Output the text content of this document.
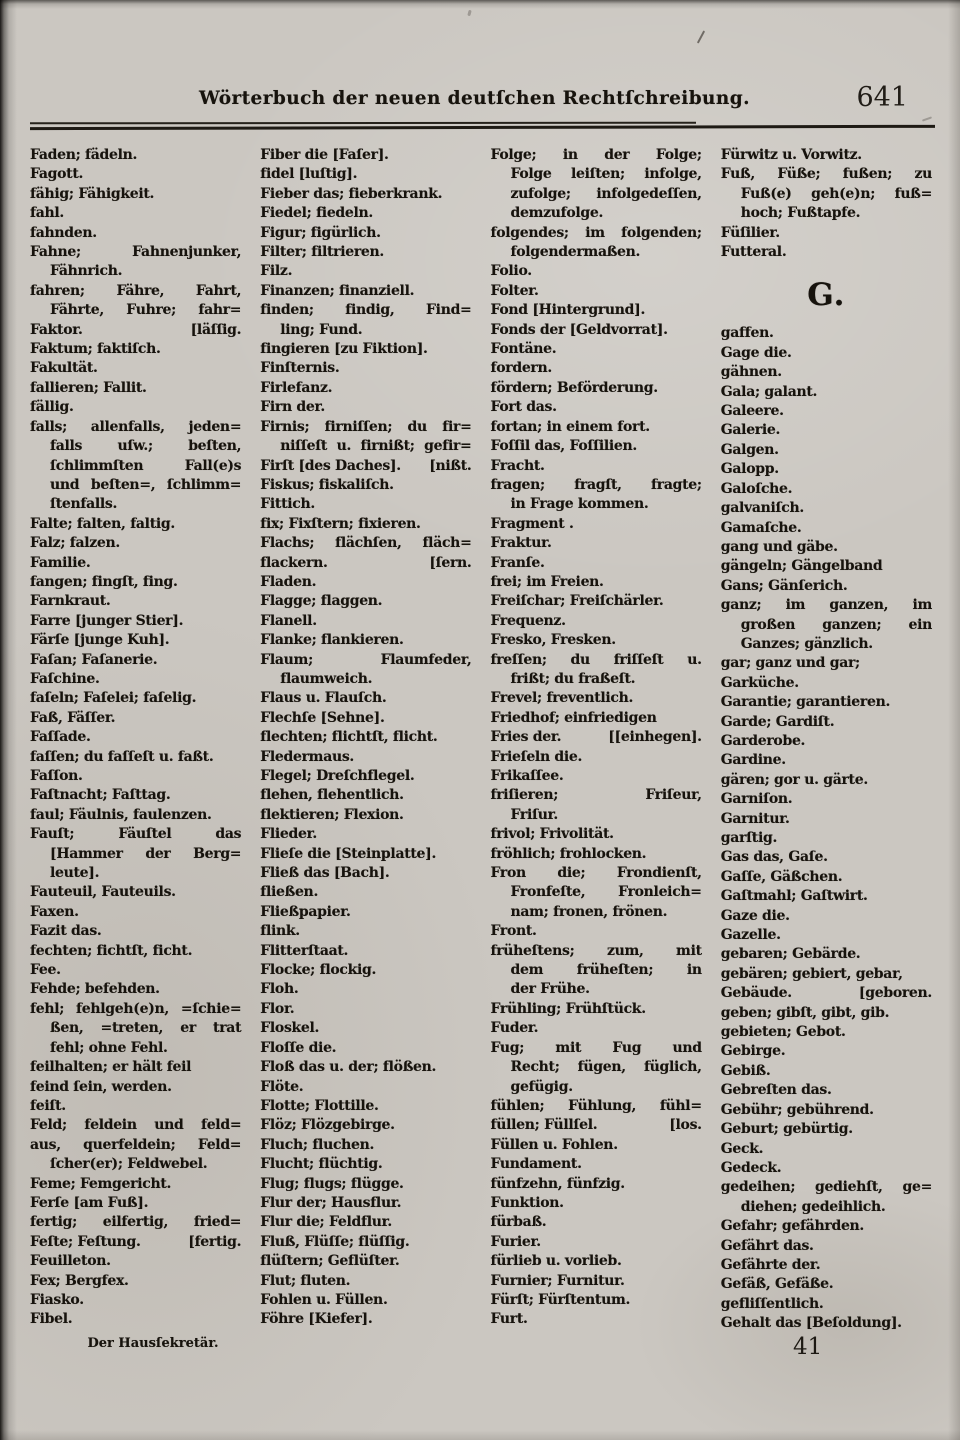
Wörterbuch der neuen deutſchen Rechtſchreibung.	641
Faden; fädeln.
Fagott.
fähig; Fähigkeit.
fahl.
fahnden.
Fahne; Fahnenjunker,
Fähnrich.
fahren; Fähre, Fahrt,
Fährte, Fuhre; fahr=
Faktor.	[läſſig.
Faktum; faktiſch.
Fakultät.
fallieren; Fallit.
fällig.
falls; allenfalls, jeden=
falls uſw.; beſten,
ſchlimmſten Fall(e)s
und beſten=, ſchlimm=
ſtenfalls.
Falte; falten, faltig.
Falz; falzen.
Familie.
fangen; fingſt, fing.
Farnkraut.
Farre [junger Stier].
Färſe [junge Kuh].
Faſan; Faſanerie.
Faſchine.
faſeln; Faſelei; faſelig.
Faß, Fäſſer.
Faſſade.
faſſen; du faſſeſt u. faßt.
Faſſon.
Faſtnacht; Faſttag.
faul; Fäulnis, faulenzen.
Fauſt; Fäuſtel das
[Hammer der Berg=
leute].
Fauteuil, Fauteuils.
Faxen.
Fazit das.
fechten; fichtſt, ficht.
Fee.
Fehde; befehden.
fehl; fehlgeh(e)n, =ſchie=
ßen, =treten, er trat
fehl; ohne Fehl.
feilhalten; er hält feil
feind ſein, werden.
feiſt.
Feld; feldein und feld=
aus, querfeldein; Feld=
ſcher(er); Feldwebel.
Feme; Femgericht.
Ferſe [am Fuß].
fertig; eilfertig, fried=
Feſte; Feſtung.	[fertig.
Feuilleton.
Fex; Bergfex.
Fiasko.
Fibel.
Fiber die [Faſer].
fidel [luſtig].
Fieber das; fieberkrank.
Fiedel; fiedeln.
Figur; figürlich.
Filter; filtrieren.
Filz.
Finanzen; finanziell.
finden; findig, Find=
ling; Fund.
fingieren [zu Fiktion].
Finſternis.
Firlefanz.
Firn der.
Firnis; firniſſen; du fir=
niſſeſt u. firnißt; gefir=
Firſt [des Daches]. [nißt.
Fiskus; fiskaliſch.
Fittich.
fix; Fixſtern; fixieren.
Flachs; flächſen, fläch=
flackern.	[ſern.
Fladen.
Flagge; flaggen.
Flanell.
Flanke; flankieren.
Flaum; Flaumfeder,
flaumweich.
Flaus u. Flauſch.
Flechſe [Sehne].
flechten; flichtſt, flicht.
Fledermaus.
Flegel; Dreſchflegel.
flehen, flehentlich.
flektieren; Flexion.
Flieder.
Flieſe die [Steinplatte].
Fließ das [Bach].
fließen.
Fließpapier.
flink.
Flitterſtaat.
Flocke; flockig.
Floh.
Flor.
Floskel.
Floſſe die.
Floß das u. der; flößen.
Flöte.
Flotte; Flottille.
Flöz; Flözgebirge.
Fluch; fluchen.
Flucht; flüchtig.
Flug; flugs; flügge.
Flur der; Hausflur.
Flur die; Feldflur.
Fluß, Flüſſe; flüſſig.
flüſtern; Geflüſter.
Flut; fluten.
Fohlen u. Füllen.
Föhre [Kiefer].
Folge; in der Folge;
Folge leiſten; infolge,
zufolge; infolgedeſſen,
demzufolge.
folgendes; im folgenden;
folgendermaßen.
Folio.
Folter.
Fond [Hintergrund].
Fonds der [Geldvorrat].
Fontäne.
fordern.
fördern; Beförderung.
Fort das.
fortan; in einem fort.
Foſſil das, Foſſilien.
Fracht.
fragen; fragſt, fragte;
in Frage kommen.
Fragment .
Fraktur.
Franſe.
frei; im Freien.
Freiſchar; Freiſchärler.
Frequenz.
Fresko, Fresken.
freſſen; du friſſeſt u.
frißt; du fraßeſt.
Frevel; freventlich.
Friedhof; einfriedigen
Fries der.	[[einhegen].
Frieſeln die.
Frikaſſee.
friſieren; Friſeur,
Friſur.
frivol; Frivolität.
fröhlich; frohlocken.
Fron die; Frondienſt,
Fronfeſte, Fronleich=
nam; fronen, frönen.
Front.
früheſtens; zum, mit
dem früheſten; in
der Frühe.
Frühling; Frühſtück.
Fuder.
Fug; mit Fug und
Recht; fügen, füglich,
gefügig.
fühlen; Fühlung, fühl=
füllen; Füllſel.	[los.
Füllen u. Fohlen.
Fundament.
fünfzehn, fünfzig.
Funktion.
fürbaß.
Furier.
fürlieb u. vorlieb.
Furnier; Furnitur.
Fürſt; Fürſtentum.
Furt.
Fürwitz u. Vorwitz.
Fuß, Füße; fußen; zu
Fuß(e) geh(e)n; fuß=
hoch; Fußtapfe.
Füſilier.
Futteral.
G.
gaffen.
Gage die.
gähnen.
Gala; galant.
Galeere.
Galerie.
Galgen.
Galopp.
Galoſche.
galvaniſch.
Gamaſche.
gang und gäbe.
gängeln; Gängelband
Gans; Gänſerich.
ganz; im ganzen, im
großen ganzen; ein
Ganzes; gänzlich.
gar; ganz und gar;
Garküche.
Garantie; garantieren.
Garde; Gardiſt.
Garderobe.
Gardine.
gären; gor u. gärte.
Garniſon.
Garnitur.
garſtig.
Gas das, Gaſe.
Gaſſe, Gäßchen.
Gaſtmahl; Gaſtwirt.
Gaze die.
Gazelle.
gebaren; Gebärde.
gebären; gebiert, gebar,
Gebäude.	[geboren.
geben; gibſt, gibt, gib.
gebieten; Gebot.
Gebirge.
Gebiß.
Gebreſten das.
Gebühr; gebührend.
Geburt; gebürtig.
Geck.
Gedeck.
gedeihen; gediehſt, ge=
diehen; gedeihlich.
Gefahr; gefährden.
Gefährt das.
Gefährte der.
Gefäß, Gefäße.
gefliſſentlich.
Gehalt das [Beſoldung].
Der Hausſekretär.	41
